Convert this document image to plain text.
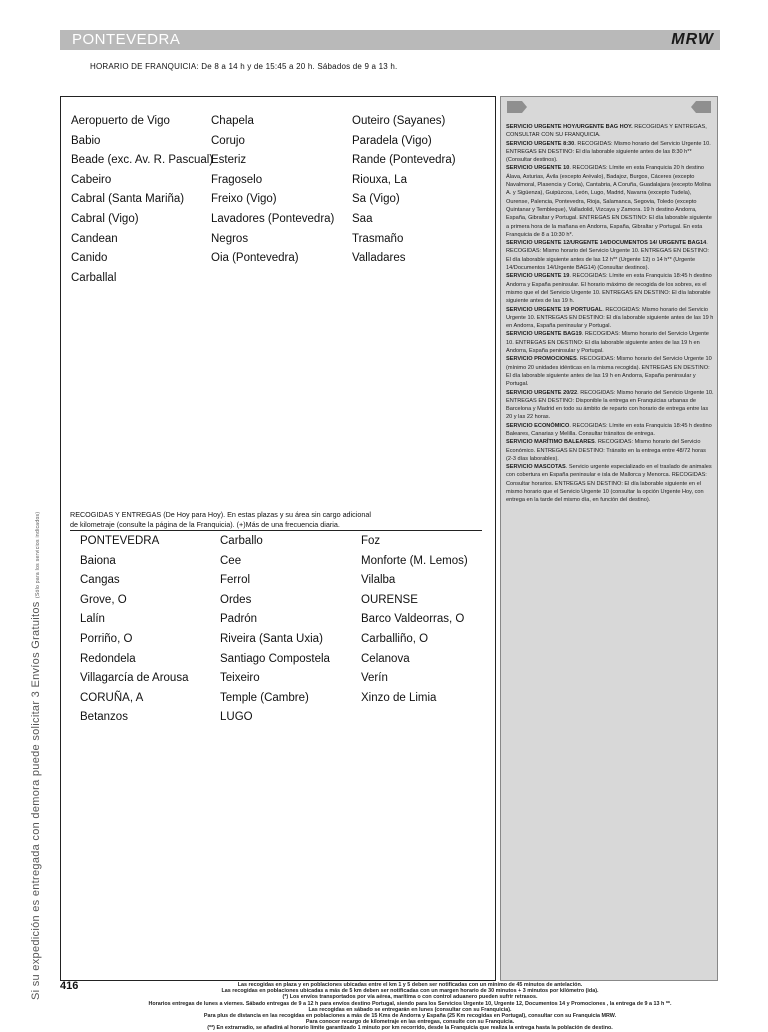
PONTEVEDRA	MRW
HORARIO DE FRANQUICIA: De 8 a 14 h y de 15:45 a 20 h. Sábados de 9 a 13 h.
Aeropuerto de Vigo
Babio
Beade (exc. Av. R. Pascual)
Cabeiro
Cabral (Santa Mariña)
Cabral (Vigo)
Candean
Canido
Carballal
Chapela
Corujo
Esteriz
Fragoselo
Freixo (Vigo)
Lavadores (Pontevedra)
Negros
Oia (Pontevedra)
Outeiro (Sayanes)
Paradela (Vigo)
Rande (Pontevedra)
Riouxa, La
Sa (Vigo)
Saa
Trasmaño
Valladares
RECOGIDAS Y ENTREGAS (De Hoy para Hoy). En estas plazas y su área sin cargo adicional
de kilometraje (consulte la página de la Franquicia). (+)Más de una frecuencia diaria.
PONTEVEDRA
Baiona
Cangas
Grove, O
Lalín
Porriño, O
Redondela
Villagarcía de Arousa
CORUÑA, A
Betanzos
Carballo
Cee
Ferrol
Ordes
Padrón
Riveira (Santa Uxia)
Santiago Compostela
Teixeiro
Temple (Cambre)
LUGO
Foz
Monforte (M. Lemos)
Vilalba
OURENSE
Barco Valdeorras, O
Carballiño, O
Celanova
Verín
Xinzo de Limia

SERVICIO URGENTE HOY/URGENTE BAG HOY. RECOGIDAS Y ENTREGAS, CONSULTAR CON SU FRANQUICIA.

SERVICIO URGENTE 8:30. RECOGIDAS: Mismo horario del Servicio Urgente 10. ENTREGAS EN DESTINO: El día laborable siguiente antes de las 8:30 h** (Consultar destinos).

SERVICIO URGENTE 10. RECOGIDAS: Límite en esta Franquicia 20 h destino Álava, Asturias, Ávila (excepto Arévalo), Badajoz, Burgos, Cáceres (excepto Navalmoral, Plasencia y Coria), Cantabria, A Coruña, Guadalajara (excepto Molina A. y Sigüenza), Guipúzcoa, León, Lugo, Madrid, Navarra (excepto Tudela), Ourense, Palencia, Pontevedra, Rioja, Salamanca, Segovia, Toledo (excepto Quintanar y Tembleque), Valladolid, Vizcaya y Zamora. 19 h destino Andorra, España, Gibraltar y Portugal. ENTREGAS EN DESTINO: El día laborable siguiente a primera hora de la mañana en Andorra, España, Gibraltar y Portugal. En esta Franquicia de 8 a 10:30 h*.

SERVICIO URGENTE 12/URGENTE 14/DOCUMENTOS 14/ URGENTE BAG14. RECOGIDAS: Mismo horario del Servicio Urgente 10. ENTREGAS EN DESTINO: El día laborable siguiente antes de las 12 h** (Urgente 12) o 14 h** (Urgente 14/Documentos 14/Urgente BAG14) (Consultar destinos).

SERVICIO URGENTE 19. RECOGIDAS: Límite en esta Franquicia 18:45 h destino Andorra y España peninsular. El horario máximo de recogida de los sobres, es el mismo que el del Servicio Urgente 10. ENTREGAS EN DESTINO: El día laborable siguiente antes de las 19 h.

SERVICIO URGENTE 19 PORTUGAL. RECOGIDAS: Mismo horario del Servicio Urgente 10. ENTREGAS EN DESTINO: El día laborable siguiente antes de las 19 h en Andorra, España peninsular y Portugal.

SERVICIO URGENTE BAG19. RECOGIDAS: Mismo horario del Servicio Urgente 10. ENTREGAS EN DESTINO: El día laborable siguiente antes de las 19 h en Andorra, España peninsular y Portugal.

SERVICIO PROMOCIONES. RECOGIDAS: Mismo horario del Servicio Urgente 10 (mínimo 20 unidades idénticas en la misma recogida). ENTREGAS EN DESTINO: El día laborable siguiente antes de las 19 h en Andorra, España peninsular y Portugal.

SERVICIO URGENTE 20/22. RECOGIDAS: Mismo horario del Servicio Urgente 10. ENTREGAS EN DESTINO: Disponible la entrega en Franquicias urbanas de Barcelona y Madrid en todo su ámbito de reparto con horario de entrega entre las 20 y las 22 horas.

SERVICIO ECONÓMICO. RECOGIDAS: Límite en esta Franquicia 18:45 h destino Baleares, Canarias y Melilla. Consultar tránsitos de entrega.

SERVICIO MARÍTIMO BALEARES. RECOGIDAS: Mismo horario del Servicio Económico. ENTREGAS EN DESTINO: Tránsito en la entrega entre 48/72 horas (2-3 días laborables).

SERVICIO MASCOTAS. Servicio urgente especializado en el traslado de animales con cobertura en España peninsular e isla de Mallorca y Menorca. RECOGIDAS: Consultar horarios. ENTREGAS EN DESTINO: El día laborable siguiente en el mismo horario que el Servicio Urgente 10 (consultar la opción Urgente Hoy, con entrega en la tarde del mismo día, en función del destino).

Si su expedición es entregada con demora puede solicitar 3 Envíos Gratuitos (Sólo para los servicios indicados)
416	Las recogidas en plaza y en poblaciones ubicadas entre el km 1 y 5 deben ser notificadas con un mínimo de 45 minutos de antelación.

Las recogidas en poblaciones ubicadas a más de 5 km deben ser notificadas con un margen horario de 30 minutos + 3 minutos por kilómetro (ida).

(*) Los envíos transportados por vía aérea, marítima o con control aduanero pueden sufrir retrasos.

Horarios entregas de lunes a viernes. Sábado entregas de 9 a 12 h para envíos destino Portugal, siendo para los Servicios Urgente 10, Urgente 12, Documentos 14 y Promociones , la entrega de 9 a 13 h **.

Las recogidas en sábado se entregarán en lunes (consultar con su Franquicia).

Para plus de distancia en las recogidas en poblaciones a más de 15 Kms de Andorra y España (25 Km recogidas en Portugal), consultar con su Franquicia MRW.

Para conocer recargo de kilometraje en las entregas, consulte con su Franquicia.

(**) En extrarradio, se añadirá al horario límite garantizado 1 minuto por km recorrido, desde la Franquicia que realiza la entrega hasta la población de destino.
